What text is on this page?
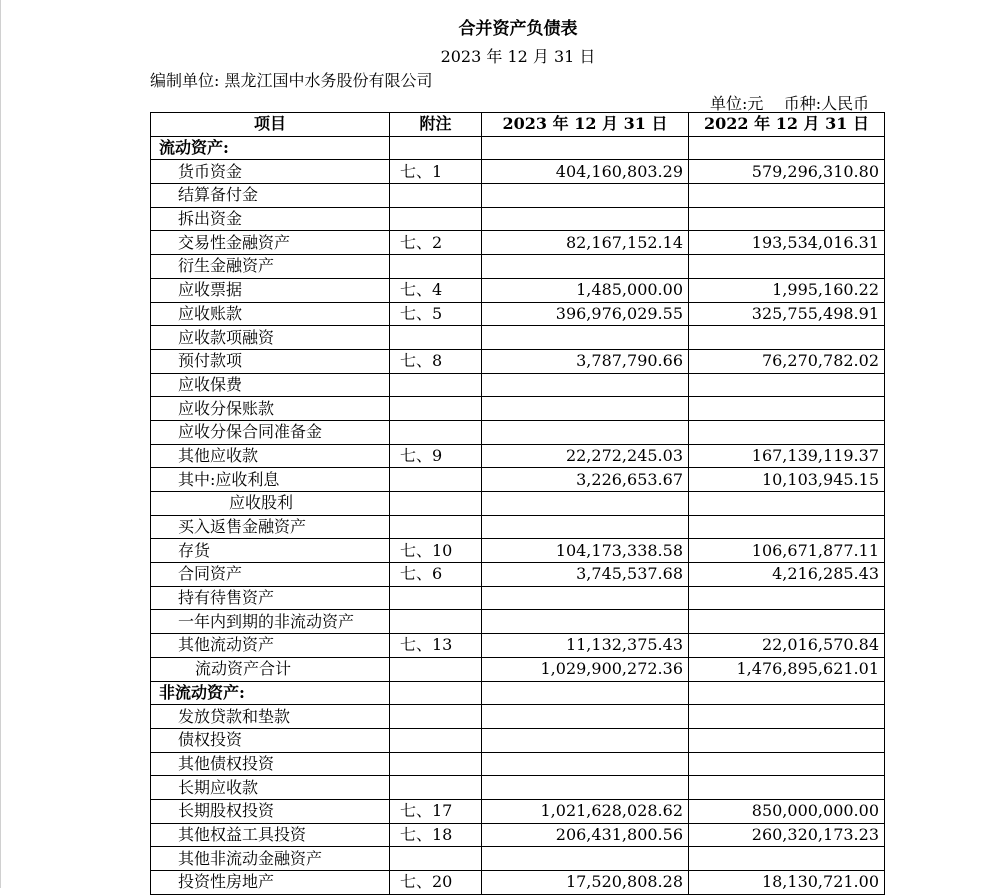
合并资产负债表
2023 年 12 月 31 日
编制单位: 黑龙江国中水务股份有限公司
单位:元    币种:人民币
项目	附注	2023 年 12 月 31 日	2022 年 12 月 31 日
流动资产:			
货币资金	七、1	404,160,803.29	579,296,310.80
结算备付金			
拆出资金			
交易性金融资产	七、2	82,167,152.14	193,534,016.31
衍生金融资产			
应收票据	七、4	1,485,000.00	1,995,160.22
应收账款	七、5	396,976,029.55	325,755,498.91
应收款项融资			
预付款项	七、8	3,787,790.66	76,270,782.02
应收保费			
应收分保账款			
应收分保合同准备金			
其他应收款	七、9	22,272,245.03	167,139,119.37
其中:应收利息		3,226,653.67	10,103,945.15
应收股利			
买入返售金融资产			
存货	七、10	104,173,338.58	106,671,877.11
合同资产	七、6	3,745,537.68	4,216,285.43
持有待售资产			
一年内到期的非流动资产			
其他流动资产	七、13	11,132,375.43	22,016,570.84
流动资产合计		1,029,900,272.36	1,476,895,621.01
非流动资产:			
发放贷款和垫款			
债权投资			
其他债权投资			
长期应收款			
长期股权投资	七、17	1,021,628,028.62	850,000,000.00
其他权益工具投资	七、18	206,431,800.56	260,320,173.23
其他非流动金融资产			
投资性房地产	七、20	17,520,808.28	18,130,721.00
